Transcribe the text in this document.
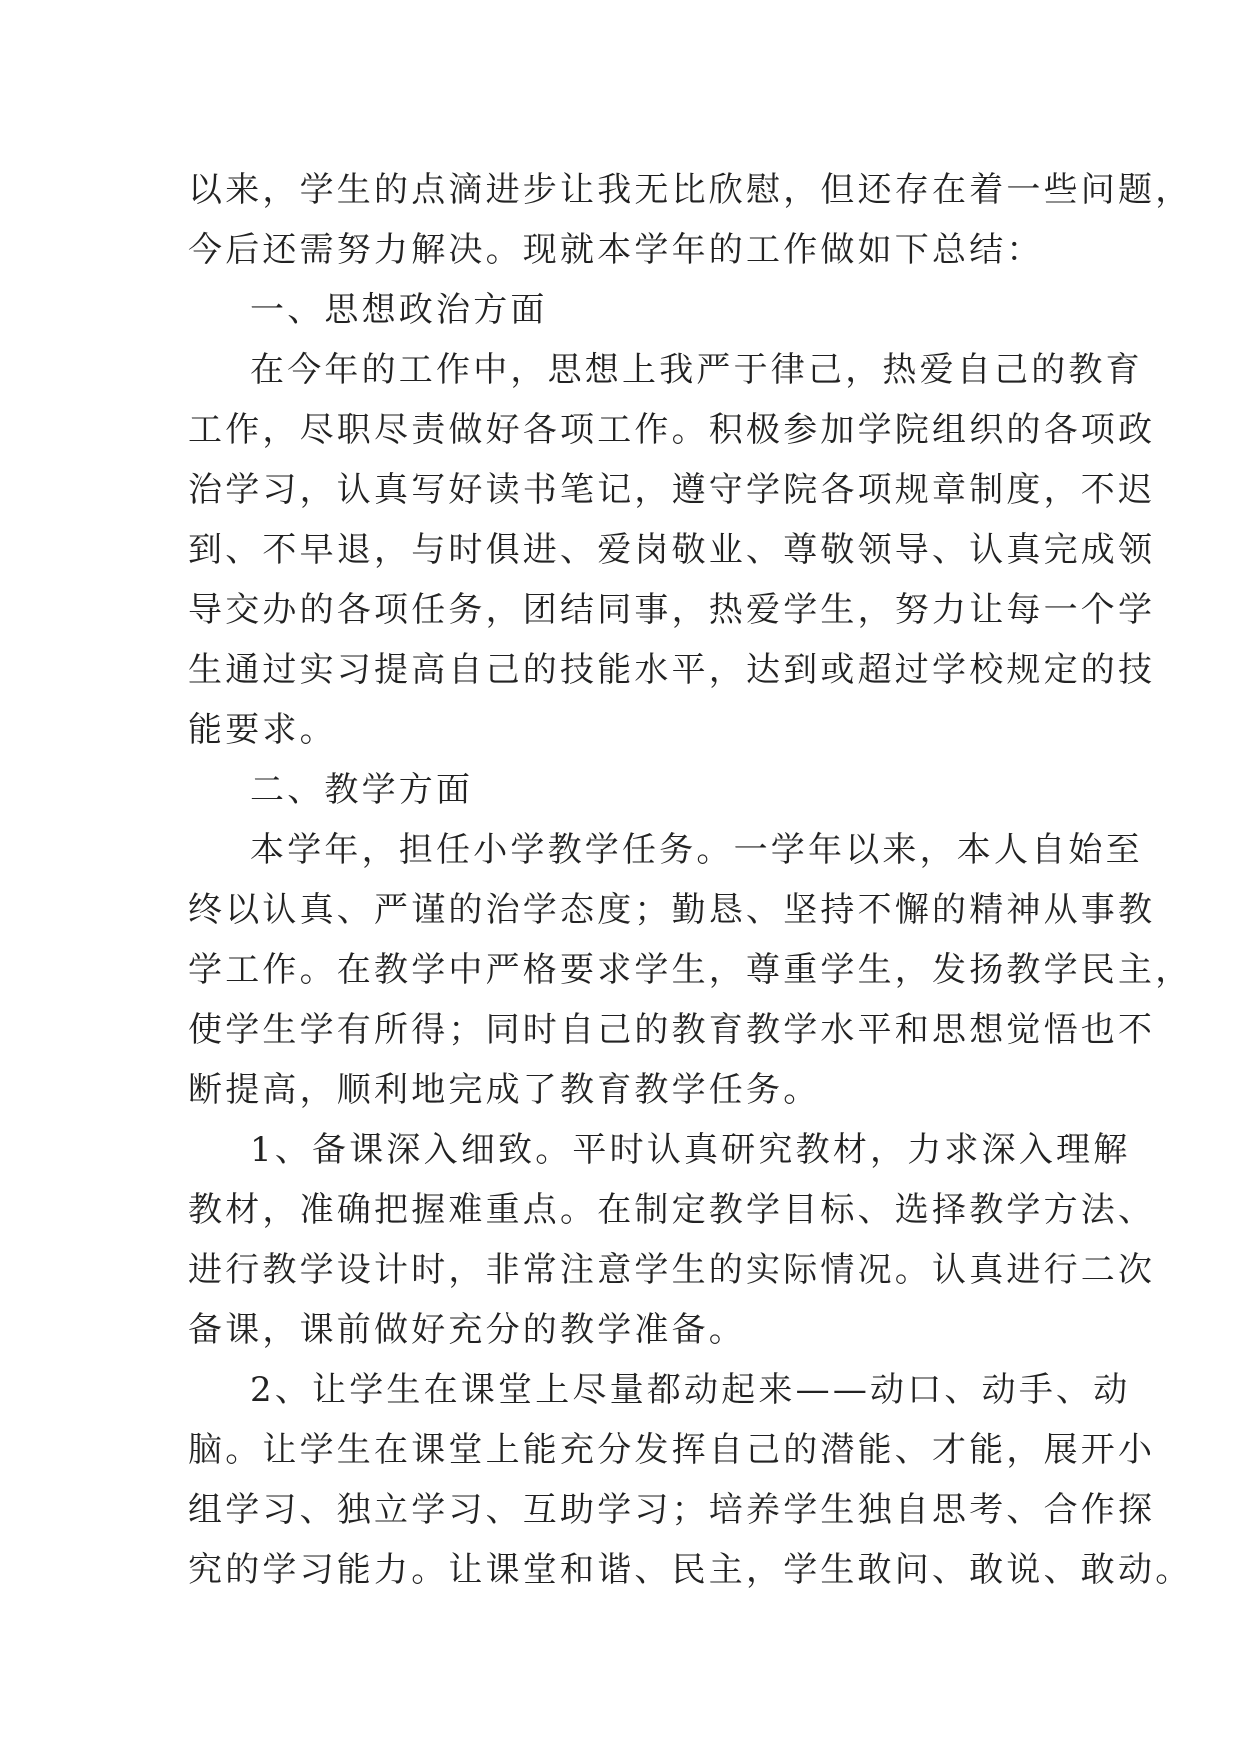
以来，学生的点滴进步让我无比欣慰，但还存在着一些问题，
今后还需努力解决。现就本学年的工作做如下总结：
一、思想政治方面
在今年的工作中，思想上我严于律己，热爱自己的教育
工作，尽职尽责做好各项工作。积极参加学院组织的各项政
治学习，认真写好读书笔记，遵守学院各项规章制度，不迟
到、不早退，与时俱进、爱岗敬业、尊敬领导、认真完成领
导交办的各项任务，团结同事，热爱学生，努力让每一个学
生通过实习提高自己的技能水平，达到或超过学校规定的技
能要求。
二、教学方面
本学年，担任小学教学任务。一学年以来，本人自始至
终以认真、严谨的治学态度；勤恳、坚持不懈的精神从事教
学工作。在教学中严格要求学生，尊重学生，发扬教学民主，
使学生学有所得；同时自己的教育教学水平和思想觉悟也不
断提高，顺利地完成了教育教学任务。
1、备课深入细致。平时认真研究教材，力求深入理解
教材，准确把握难重点。在制定教学目标、选择教学方法、
进行教学设计时，非常注意学生的实际情况。认真进行二次
备课，课前做好充分的教学准备。
2、让学生在课堂上尽量都动起来——动口、动手、动
脑。让学生在课堂上能充分发挥自己的潜能、才能，展开小
组学习、独立学习、互助学习；培养学生独自思考、合作探
究的学习能力。让课堂和谐、民主，学生敢问、敢说、敢动。
